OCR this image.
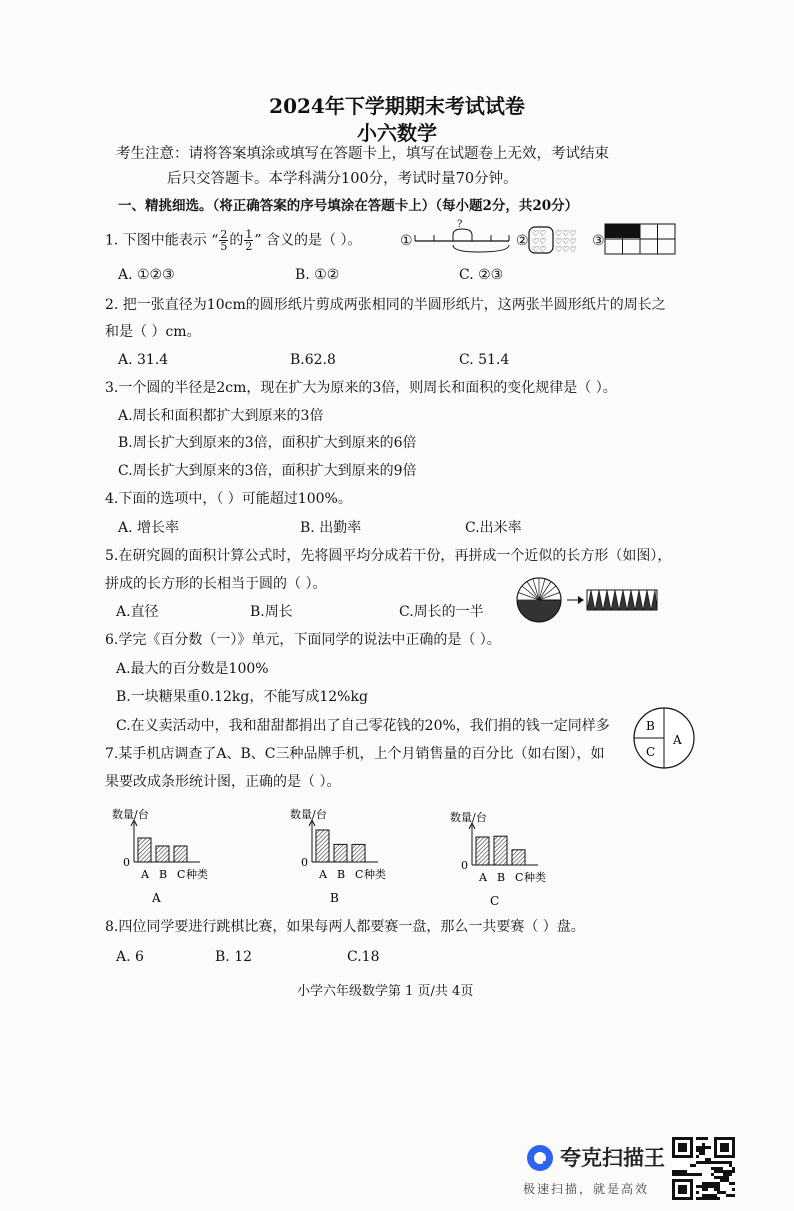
2024年下学期期末考试试卷
小六数学
考生注意：请将答案填涂或填写在答题卡上，填写在试题卷上无效，考试结束
后只交答题卡。本学科满分100分，考试时量70分钟。
一、精挑细选。（将正确答案的序号填涂在答题卡上）（每小题2分，共20分）
1. 下图中能表示 “ $\frac{2}{5}$ 的 $\frac{1}{2}$ ” 含义的是（ ）。	①
?
② ♡♡
♡♡
♡♡
♡♡♡
♡♡♡
♡♡♡
③
A. ①②③	B. ①②	C. ②③
2. 把一张直径为10cm的圆形纸片剪成两张相同的半圆形纸片，这两张半圆形纸片的周长之
和是（ ）cm。
A. 31.4	B.62.8	C. 51.4
3.一个圆的半径是2cm，现在扩大为原来的3倍，则周长和面积的变化规律是（ ）。
A.周长和面积都扩大到原来的3倍
B.周长扩大到原来的3倍，面积扩大到原来的6倍
C.周长扩大到原来的3倍，面积扩大到原来的9倍
4.下面的选项中，（ ）可能超过100%。
A. 增长率	B. 出勤率	C.出米率
5.在研究圆的面积计算公式时，先将圆平均分成若干份，再拼成一个近似的长方形（如图），
拼成的长方形的长相当于圆的（ ）。
A.直径	B.周长	C.周长的一半
6.学完《百分数（一）》单元，下面同学的说法中正确的是（ ）。
A.最大的百分数是100%
B.一块糖果重0.12kg，不能写成12%kg
C.在义卖活动中，我和甜甜都捐出了自己零花钱的20%，我们捐的钱一定同样多	B
C
A
7.某手机店调查了A、B、C三种品牌手机，上个月销售量的百分比（如右图），如
果要改成条形统计图，正确的是（ ）。
数量/台
0
A B C 种类
A
数量/台
0
A B C 种类
B
数量/台
0
A B C 种类
C
8.四位同学要进行跳棋比赛，如果每两人都要赛一盘，那么一共要赛（ ）盘。
A. 6	B. 12	C.18
小学六年级数学第 1 页/共 4页
夸克扫描王
极速扫描，就是高效
